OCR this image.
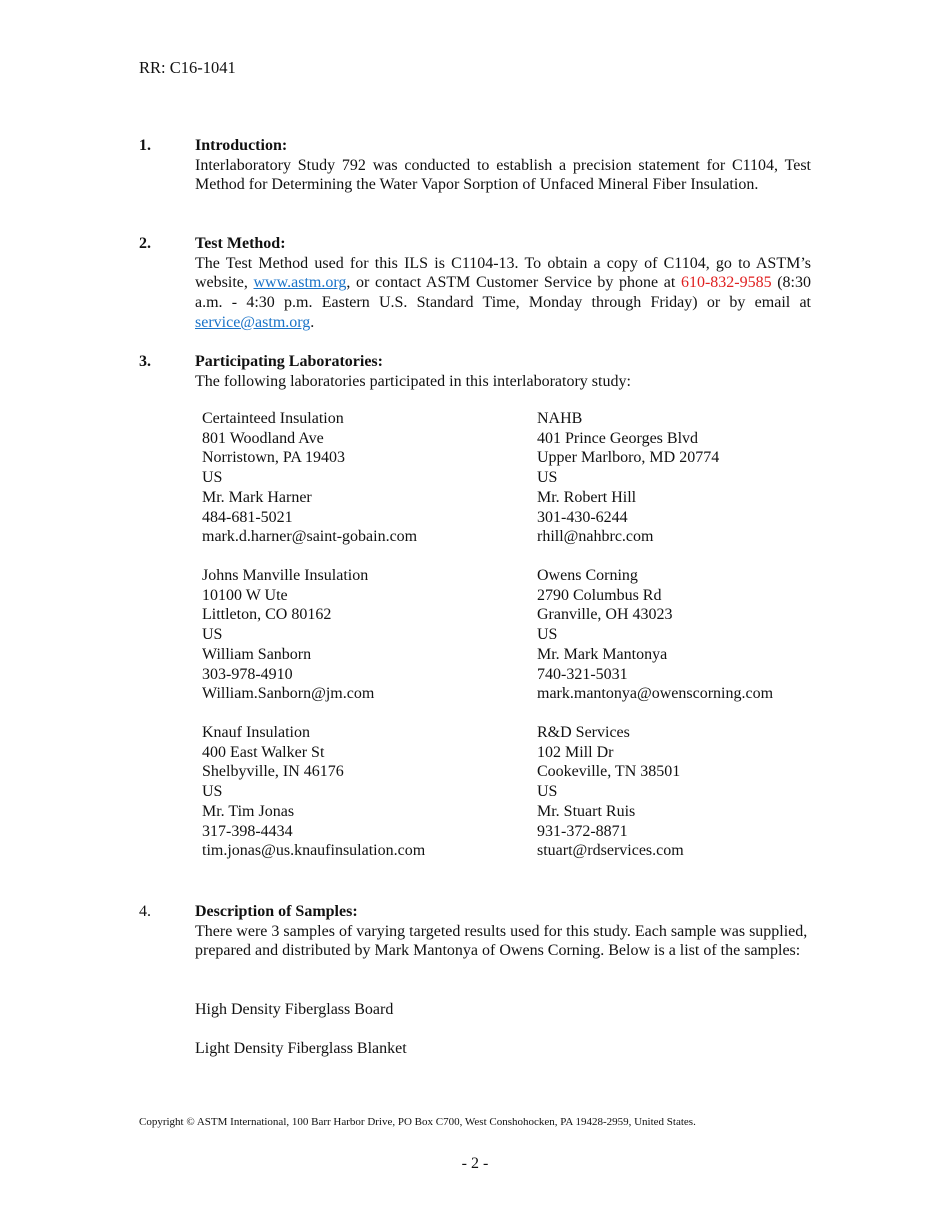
RR: C16-1041
1.	Introduction:
Interlaboratory Study 792 was conducted to establish a precision statement for C1104, Test Method for Determining the Water Vapor Sorption of Unfaced Mineral Fiber Insulation.
2.	Test Method:
The Test Method used for this ILS is C1104-13. To obtain a copy of C1104, go to ASTM’s website, www.astm.org, or contact ASTM Customer Service by phone at 610-832-9585 (8:30 a.m. - 4:30 p.m. Eastern U.S. Standard Time, Monday through Friday) or by email at service@astm.org.
3.	Participating Laboratories:
The following laboratories participated in this interlaboratory study:
Certainteed Insulation
801 Woodland Ave
Norristown, PA 19403
US
Mr. Mark Harner
484-681-5021
mark.d.harner@saint-gobain.com
NAHB
401 Prince Georges Blvd
Upper Marlboro, MD 20774
US
Mr. Robert Hill
301-430-6244
rhill@nahbrc.com
Johns Manville Insulation
10100 W Ute
Littleton, CO 80162
US
William Sanborn
303-978-4910
William.Sanborn@jm.com
Owens Corning
2790 Columbus Rd
Granville, OH 43023
US
Mr. Mark Mantonya
740-321-5031
mark.mantonya@owenscorning.com
Knauf Insulation
400 East Walker St
Shelbyville, IN 46176
US
Mr. Tim Jonas
317-398-4434
tim.jonas@us.knaufinsulation.com
R&D Services
102 Mill Dr
Cookeville, TN 38501
US
Mr. Stuart Ruis
931-372-8871
stuart@rdservices.com
4.	Description of Samples:
There were 3 samples of varying targeted results used for this study. Each sample was supplied, prepared and distributed by Mark Mantonya of Owens Corning. Below is a list of the samples:
High Density Fiberglass Board
Light Density Fiberglass Blanket
Copyright © ASTM International, 100 Barr Harbor Drive, PO Box C700, West Conshohocken, PA 19428-2959, United States.
- 2 -
